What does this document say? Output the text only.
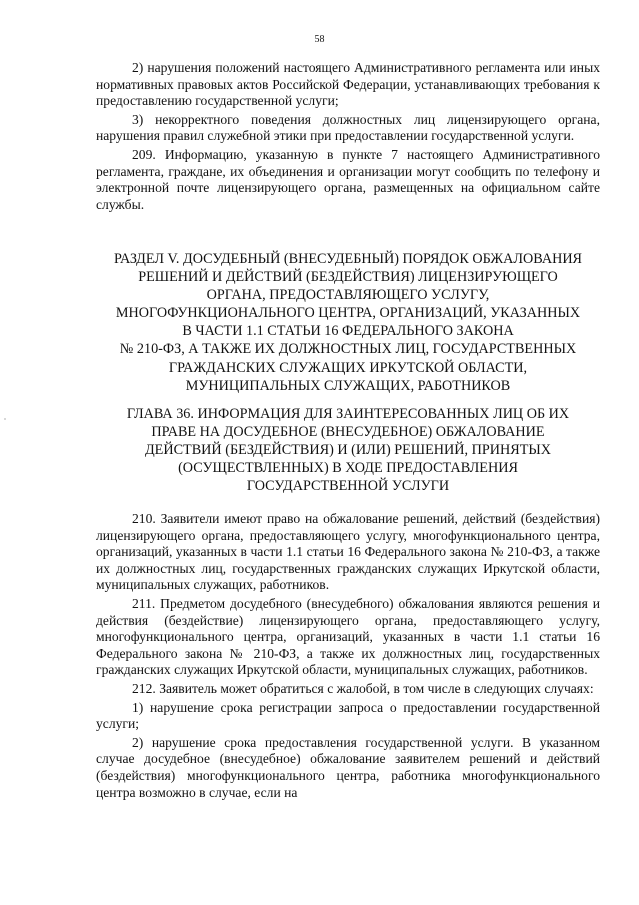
58

2) нарушения положений настоящего Административного регламента или иных нормативных правовых актов Российской Федерации, устанавливающих требования к предоставлению государственной услуги;

3) некорректного поведения должностных лиц лицензирующего органа, нарушения правил служебной этики при предоставлении государственной услуги.

209. Информацию, указанную в пункте 7 настоящего Административного регламента, граждане, их объединения и организации могут сообщить по телефону и электронной почте лицензирующего органа, размещенных на официальном сайте службы.

РАЗДЕЛ V. ДОСУДЕБНЫЙ (ВНЕСУДЕБНЫЙ) ПОРЯДОК ОБЖАЛОВАНИЯ
РЕШЕНИЙ И ДЕЙСТВИЙ (БЕЗДЕЙСТВИЯ) ЛИЦЕНЗИРУЮЩЕГО
ОРГАНА, ПРЕДОСТАВЛЯЮЩЕГО УСЛУГУ,
МНОГОФУНКЦИОНАЛЬНОГО ЦЕНТРА, ОРГАНИЗАЦИЙ, УКАЗАННЫХ
В ЧАСТИ 1.1 СТАТЬИ 16 ФЕДЕРАЛЬНОГО ЗАКОНА
№ 210-ФЗ, А ТАКЖЕ ИХ ДОЛЖНОСТНЫХ ЛИЦ, ГОСУДАРСТВЕННЫХ
ГРАЖДАНСКИХ СЛУЖАЩИХ ИРКУТСКОЙ ОБЛАСТИ,
МУНИЦИПАЛЬНЫХ СЛУЖАЩИХ, РАБОТНИКОВ
ГЛАВА 36. ИНФОРМАЦИЯ ДЛЯ ЗАИНТЕРЕСОВАННЫХ ЛИЦ ОБ ИХ
ПРАВЕ НА ДОСУДЕБНОЕ (ВНЕСУДЕБНОЕ) ОБЖАЛОВАНИЕ
ДЕЙСТВИЙ (БЕЗДЕЙСТВИЯ) И (ИЛИ) РЕШЕНИЙ, ПРИНЯТЫХ
(ОСУЩЕСТВЛЕННЫХ) В ХОДЕ ПРЕДОСТАВЛЕНИЯ
ГОСУДАРСТВЕННОЙ УСЛУГИ

210. Заявители имеют право на обжалование решений, действий (бездействия) лицензирующего органа, предоставляющего услугу, многофункционального центра, организаций, указанных в части 1.1 статьи 16 Федерального закона № 210-ФЗ, а также их должностных лиц, государственных гражданских служащих Иркутской области, муниципальных служащих, работников.

211. Предметом досудебного (внесудебного) обжалования являются решения и действия (бездействие) лицензирующего органа, предоставляющего услугу, многофункционального центра, организаций, указанных в части 1.1 статьи 16 Федерального закона № 210-ФЗ, а также их должностных лиц, государственных гражданских служащих Иркутской области, муниципальных служащих, работников.

212. Заявитель может обратиться с жалобой, в том числе в следующих случаях:

1) нарушение срока регистрации запроса о предоставлении государственной услуги;

2) нарушение срока предоставления государственной услуги. В указанном случае досудебное (внесудебное) обжалование заявителем решений и действий (бездействия) многофункционального центра, работника многофункционального центра возможно в случае, если на
